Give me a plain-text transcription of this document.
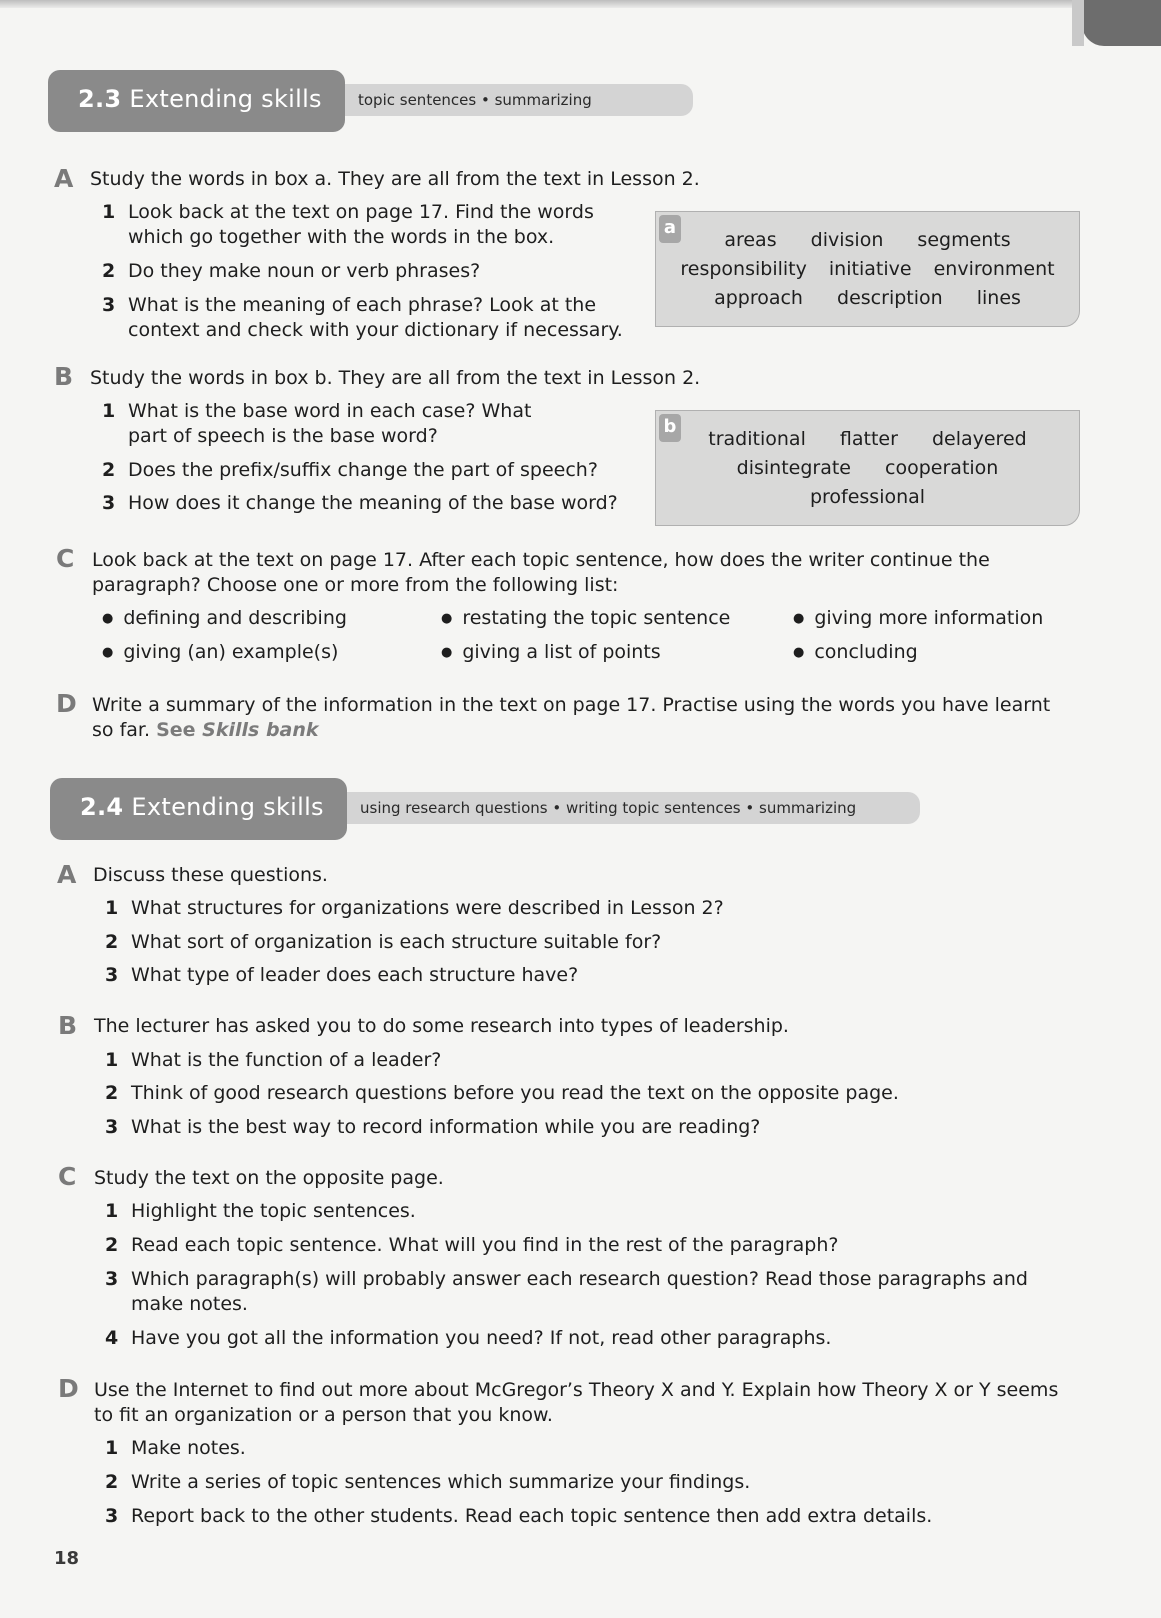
topic sentences • summarizing
2.3 Extending skills
A Study the words in box a. They are all from the text in Lesson 2.
1 Look back at the text on page 17. Find the words
which go together with the words in the box.
2 Do they make noun or verb phrases?
3 What is the meaning of each phrase? Look at the
context and check with your dictionary if necessary.
a
areas division segments
responsibility initiative environment
approach description lines
B Study the words in box b. They are all from the text in Lesson 2.
1 What is the base word in each case? What
part of speech is the base word?
2 Does the prefix/suffix change the part of speech?
3 How does it change the meaning of the base word?
b
traditional flatter delayered
disintegrate cooperation
professional
C Look back at the text on page 17. After each topic sentence, how does the writer continue the
paragraph? Choose one or more from the following list:
● defining and describing	● restating the topic sentence	● giving more information
● giving (an) example(s)	● giving a list of points	● concluding
D Write a summary of the information in the text on page 17. Practise using the words you have learnt
so far. See Skills bank
using research questions • writing topic sentences • summarizing
2.4 Extending skills
A Discuss these questions.
1 What structures for organizations were described in Lesson 2?
2 What sort of organization is each structure suitable for?
3 What type of leader does each structure have?
B The lecturer has asked you to do some research into types of leadership.
1 What is the function of a leader?
2 Think of good research questions before you read the text on the opposite page.
3 What is the best way to record information while you are reading?
C Study the text on the opposite page.
1 Highlight the topic sentences.
2 Read each topic sentence. What will you find in the rest of the paragraph?
3 Which paragraph(s) will probably answer each research question? Read those paragraphs and
make notes.
4 Have you got all the information you need? If not, read other paragraphs.
D Use the Internet to find out more about McGregor’s Theory X and Y. Explain how Theory X or Y seems
to fit an organization or a person that you know.
1 Make notes.
2 Write a series of topic sentences which summarize your findings.
3 Report back to the other students. Read each topic sentence then add extra details.
18
